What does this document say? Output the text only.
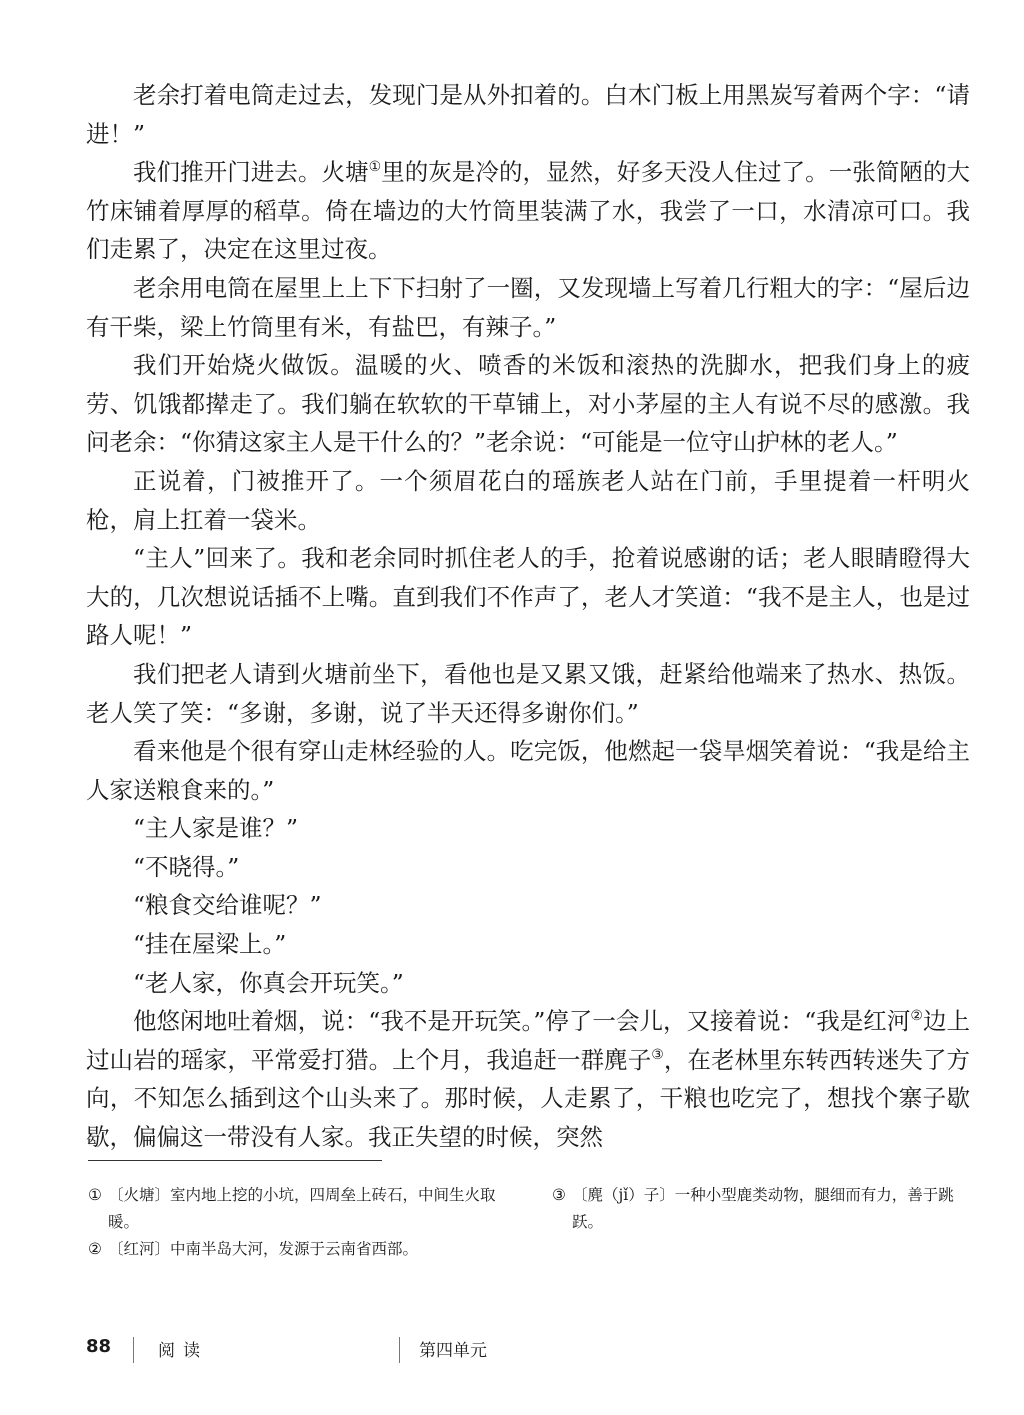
老余打着电筒走过去，发现门是从外扣着的。白木门板上用黑炭写着两个字：“请进！”

我们推开门进去。火塘①里的灰是冷的，显然，好多天没人住过了。一张简陋的大竹床铺着厚厚的稻草。倚在墙边的大竹筒里装满了水，我尝了一口，水清凉可口。我们走累了，决定在这里过夜。

老余用电筒在屋里上上下下扫射了一圈，又发现墙上写着几行粗大的字：“屋后边有干柴，梁上竹筒里有米，有盐巴，有辣子。”

我们开始烧火做饭。温暖的火、喷香的米饭和滚热的洗脚水，把我们身上的疲劳、饥饿都撵走了。我们躺在软软的干草铺上，对小茅屋的主人有说不尽的感激。我问老余：“你猜这家主人是干什么的？”老余说：“可能是一位守山护林的老人。”

正说着，门被推开了。一个须眉花白的瑶族老人站在门前，手里提着一杆明火枪，肩上扛着一袋米。

“主人”回来了。我和老余同时抓住老人的手，抢着说感谢的话；老人眼睛瞪得大大的，几次想说话插不上嘴。直到我们不作声了，老人才笑道：“我不是主人，也是过路人呢！”

我们把老人请到火塘前坐下，看他也是又累又饿，赶紧给他端来了热水、热饭。老人笑了笑：“多谢，多谢，说了半天还得多谢你们。”

看来他是个很有穿山走林经验的人。吃完饭，他燃起一袋旱烟笑着说：“我是给主人家送粮食来的。”

“主人家是谁？”

“不晓得。”

“粮食交给谁呢？”

“挂在屋梁上。”

“老人家，你真会开玩笑。”

他悠闲地吐着烟，说：“我不是开玩笑。”停了一会儿，又接着说：“我是红河②边上过山岩的瑶家，平常爱打猎。上个月，我追赶一群麂子③，在老林里东转西转迷失了方向，不知怎么插到这个山头来了。那时候，人走累了，干粮也吃完了，想找个寨子歇歇，偏偏这一带没有人家。我正失望的时候，突然

① 〔火塘〕室内地上挖的小坑，四周垒上砖石，中间生火取暖。
② 〔红河〕中南半岛大河，发源于云南省西部。
③ 〔麂（jǐ）子〕一种小型鹿类动物，腿细而有力，善于跳跃。
88	阅读	第四单元
